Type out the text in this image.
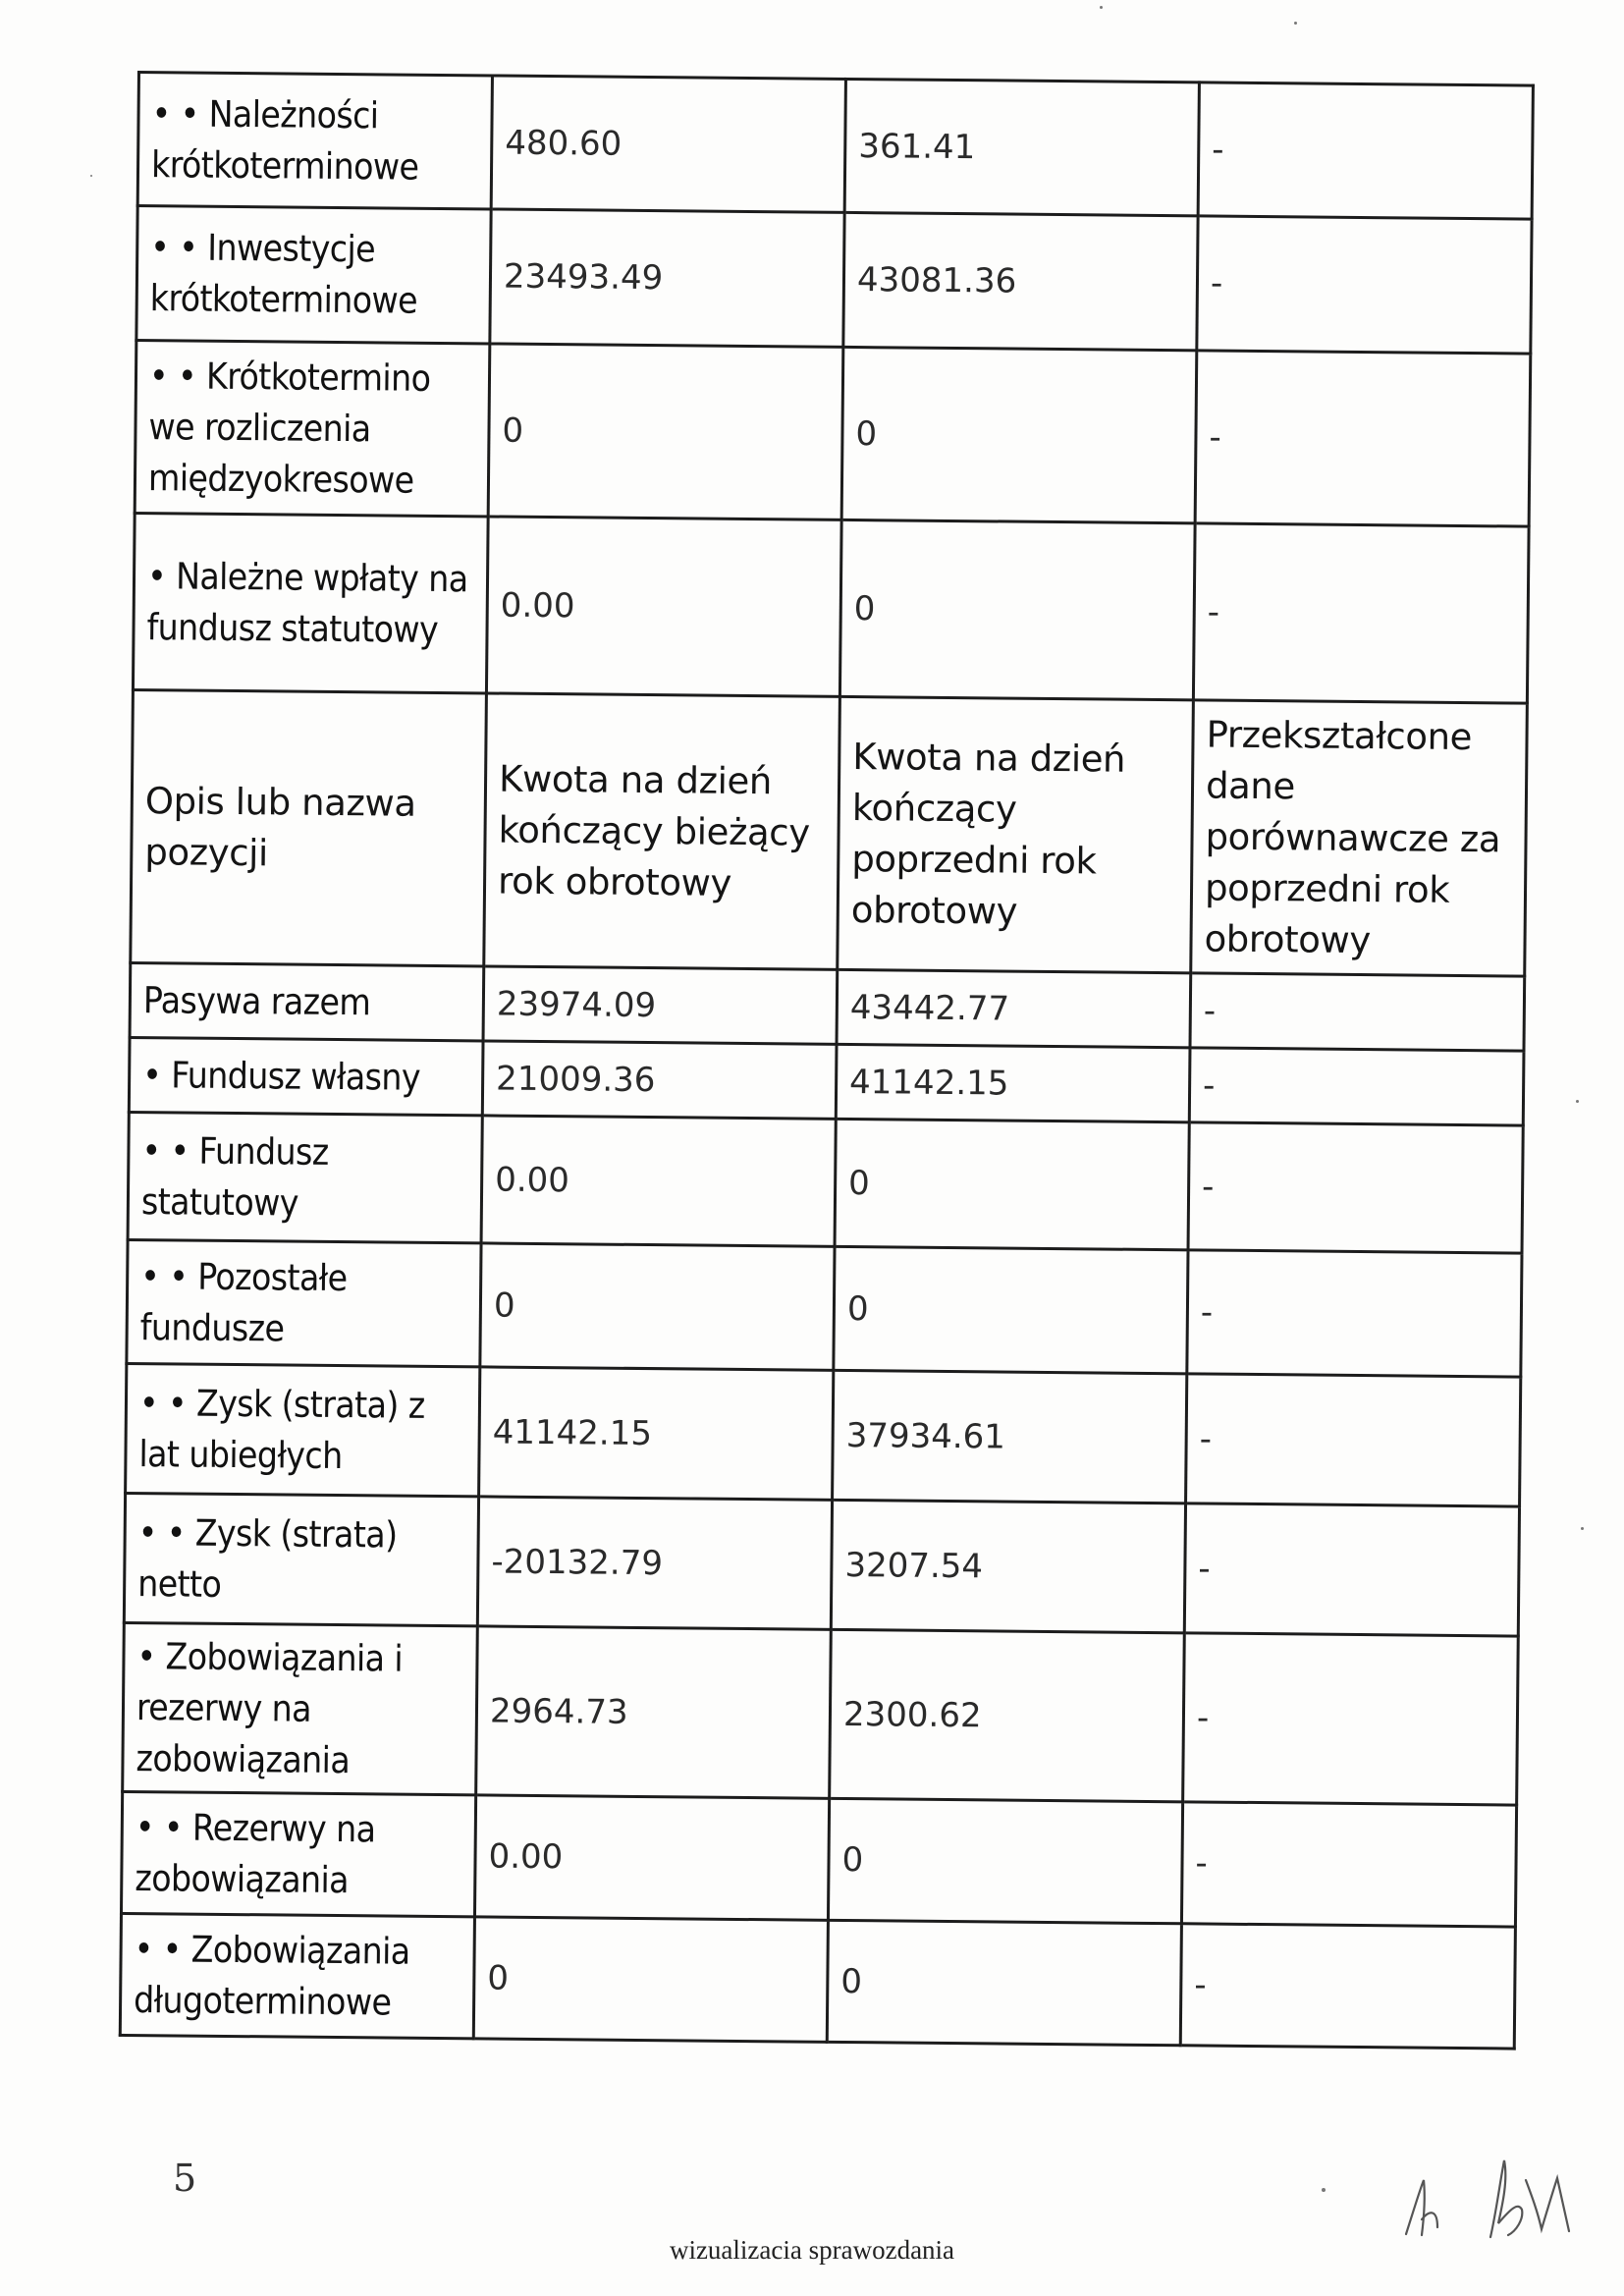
• • Należności krótkoterminowe	480.60	361.41	-
• • Inwestycje krótkoterminowe	23493.49	43081.36	-
• • Krótkotermino we rozliczenia międzyokresowe	0	0	-
• Należne wpłaty na fundusz statutowy	0.00	0	-
Opis lub nazwa pozycji	Kwota na dzień kończący bieżący rok obrotowy	Kwota na dzień kończący poprzedni rok obrotowy	Przekształcone dane porównawcze za poprzedni rok obrotowy
Pasywa razem	23974.09	43442.77	-
• Fundusz własny	21009.36	41142.15	-
• • Fundusz statutowy	0.00	0	-
• • Pozostałe fundusze	0	0	-
• • Zysk (strata) z lat ubiegłych	41142.15	37934.61	-
• • Zysk (strata) netto	-20132.79	3207.54	-
• Zobowiązania i rezerwy na zobowiązania	2964.73	2300.62	-
• • Rezerwy na zobowiązania	0.00	0	-
• • Zobowiązania długoterminowe	0	0	-
5
wizualizacia sprawozdania
